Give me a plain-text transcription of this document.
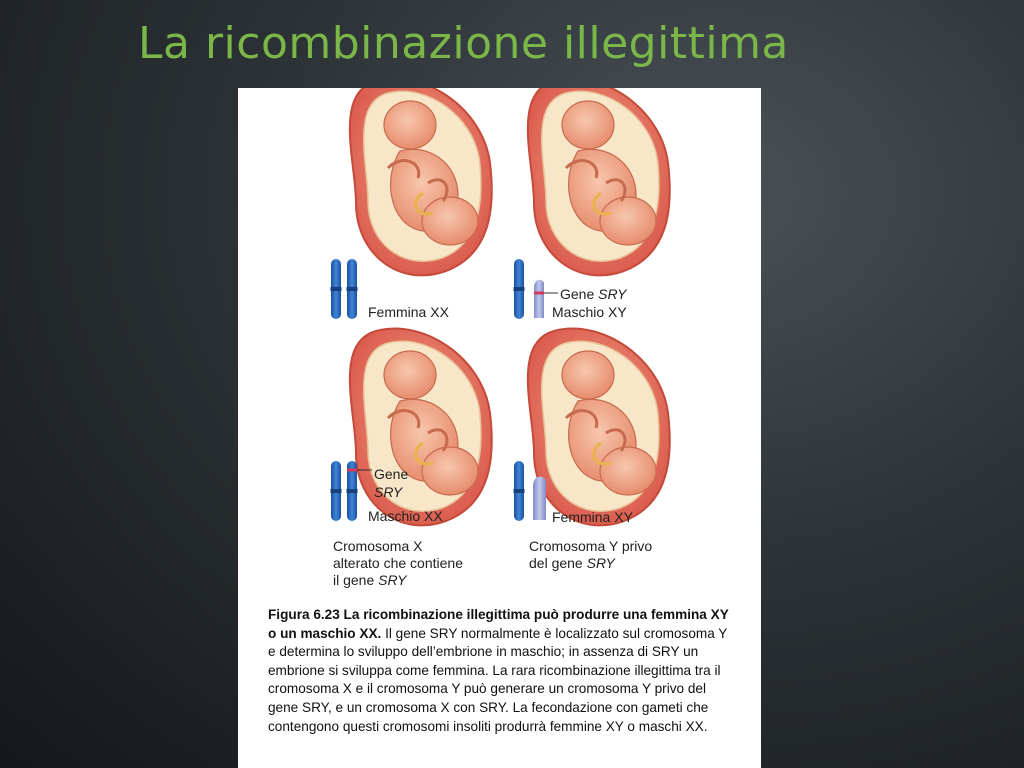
La ricombinazione illegittima
Femmina XX
Gene SRY
Maschio XY
Gene
SRY
Maschio XX	Femmina XY
Cromosoma X
alterato che contiene
il gene SRY
Cromosoma Y privo
del gene SRY
Figura 6.23 La ricombinazione illegittima può produrre una femmina XY o un maschio XX. Il gene SRY normalmente è localizzato sul cromosoma Y e determina lo sviluppo dell’embrione in maschio; in assenza di SRY un embrione si sviluppa come femmina. La rara ricombinazione illegittima tra il cromosoma X e il cromosoma Y può generare un cromosoma Y privo del gene SRY, e un cromosoma X con SRY. La fecondazione con gameti che contengono questi cromosomi insoliti produrrà femmine XY o maschi XX.
